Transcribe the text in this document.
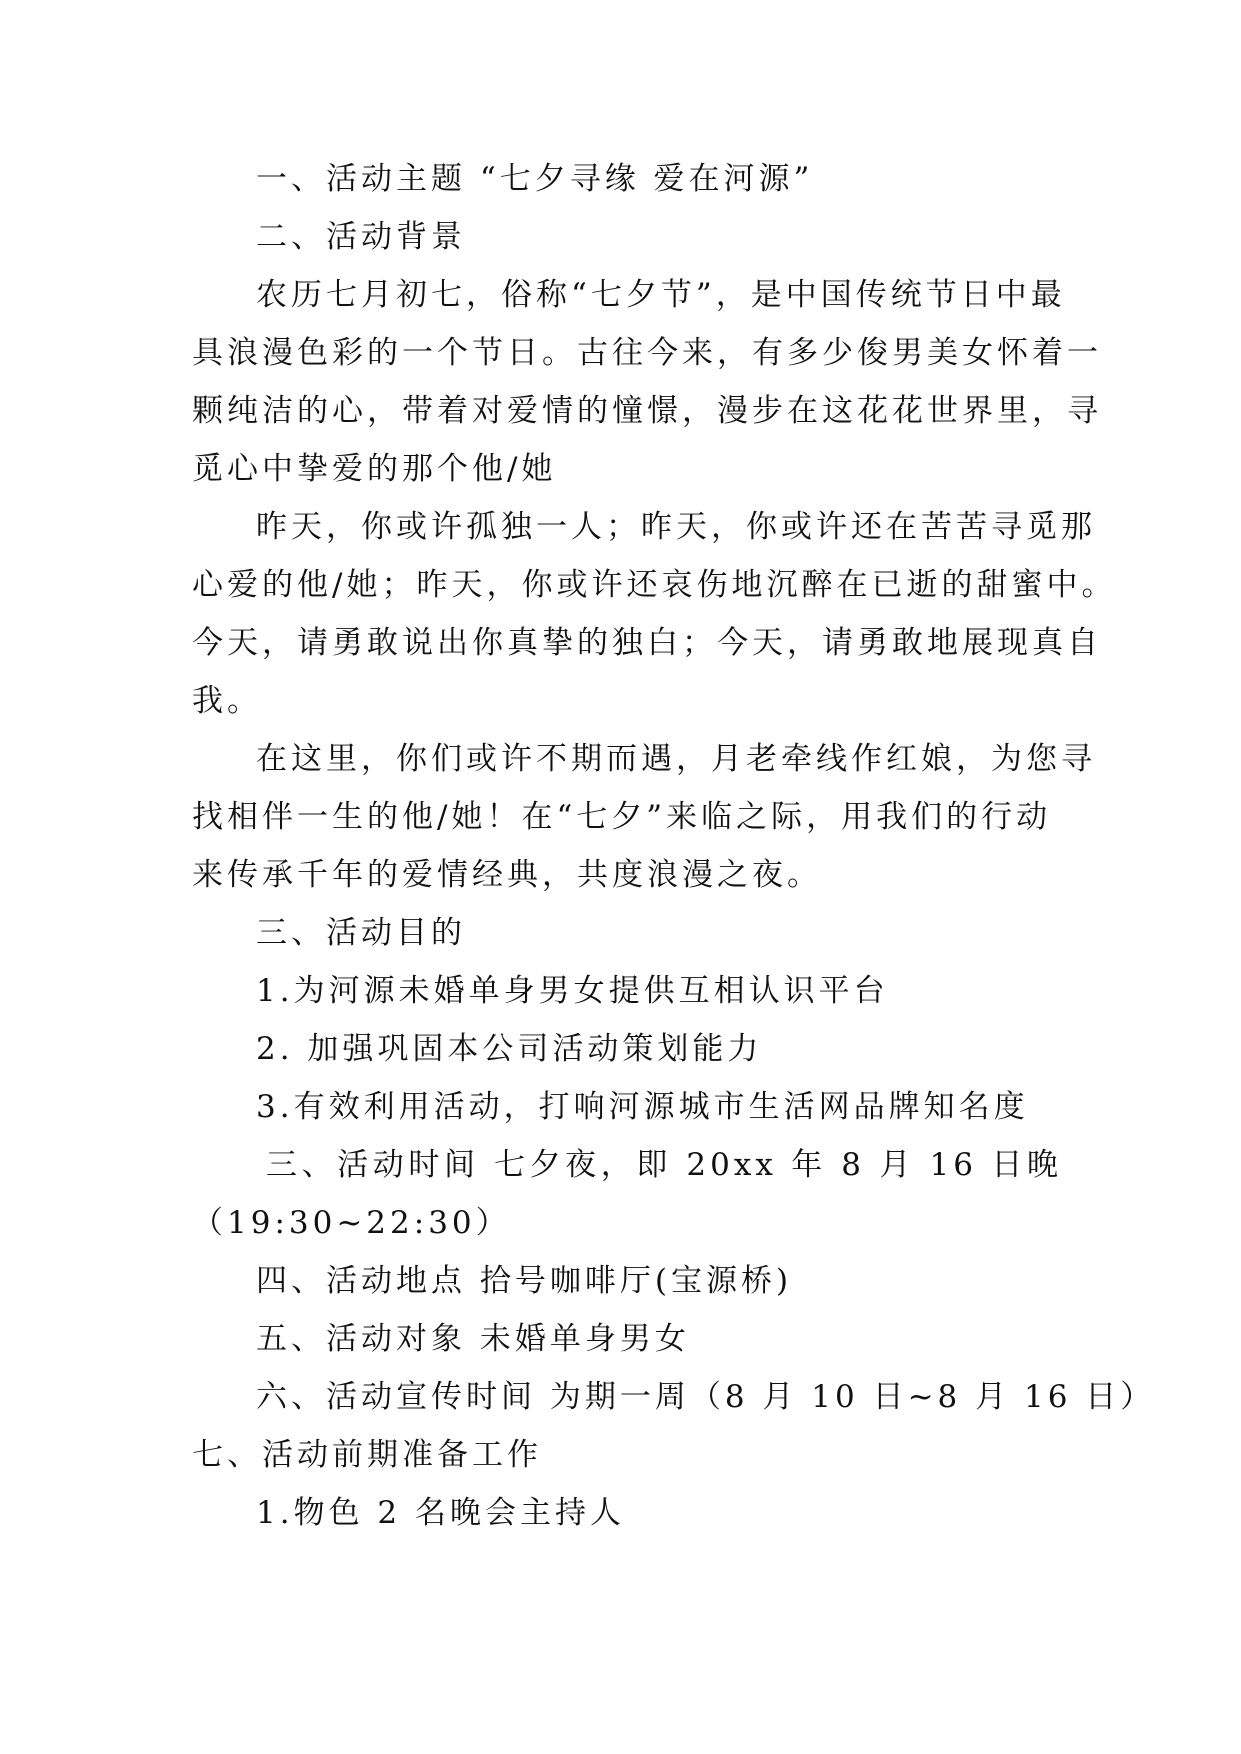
一、活动主题 “七夕寻缘 爱在河源”
二、活动背景
农历七月初七，俗称“七夕节”，是中国传统节日中最
具浪漫色彩的一个节日。古往今来，有多少俊男美女怀着一
颗纯洁的心，带着对爱情的憧憬，漫步在这花花世界里，寻
觅心中挚爱的那个他/她
昨天，你或许孤独一人；昨天，你或许还在苦苦寻觅那
心爱的他/她；昨天，你或许还哀伤地沉醉在已逝的甜蜜中。
今天，请勇敢说出你真挚的独白；今天，请勇敢地展现真自
我。
在这里，你们或许不期而遇，月老牵线作红娘，为您寻
找相伴一生的他/她！在“七夕”来临之际，用我们的行动
来传承千年的爱情经典，共度浪漫之夜。
三、活动目的
1.为河源未婚单身男女提供互相认识平台
2. 加强巩固本公司活动策划能力
3.有效利用活动，打响河源城市生活网品牌知名度
三、活动时间 七夕夜，即 20xx 年 8 月 16 日晚
（19:30~22:30）
四、活动地点 拾号咖啡厅(宝源桥)
五、活动对象 未婚单身男女
六、活动宣传时间 为期一周（8 月 10 日~8 月 16 日）
七、活动前期准备工作
1.物色 2 名晚会主持人
